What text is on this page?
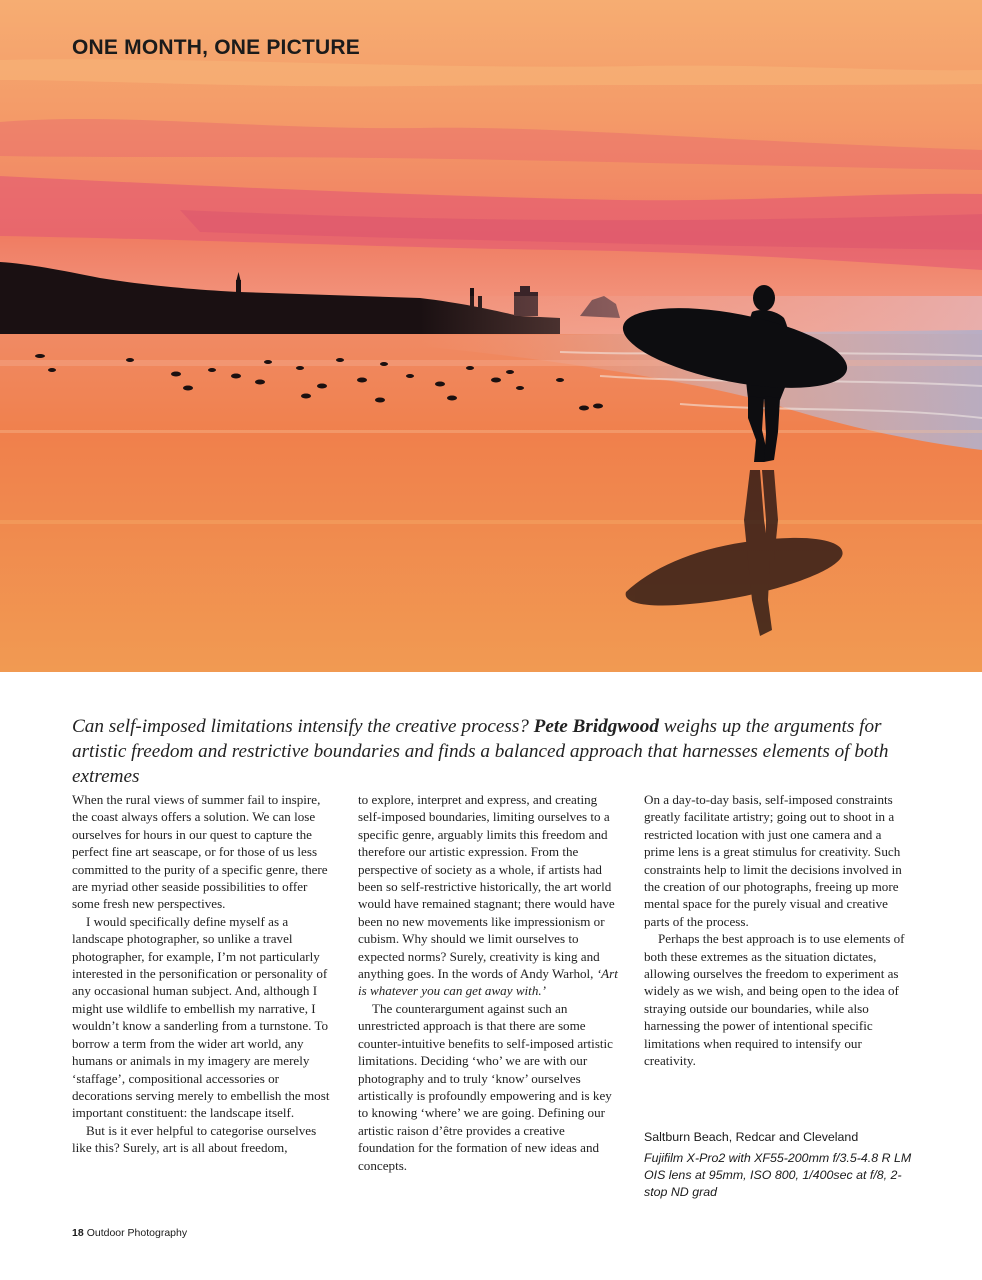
ONE MONTH, ONE PICTURE

Can self-imposed limitations intensify the creative process? Pete Bridgwood weighs up the arguments for artistic freedom and restrictive boundaries and finds a balanced approach that harnesses elements of both extremes

When the rural views of summer fail to inspire, the coast always offers a solution. We can lose ourselves for hours in our quest to capture the perfect fine art seascape, or for those of us less committed to the purity of a specific genre, there are myriad other seaside possibilities to offer some fresh new perspectives.

I would specifically define myself as a landscape photographer, so unlike a travel photographer, for example, I’m not particularly interested in the personification or personality of any occasional human subject. And, although I might use wildlife to embellish my narrative, I wouldn’t know a sanderling from a turnstone. To borrow a term from the wider art world, any humans or animals in my imagery are merely ‘staffage’, compositional accessories or decorations serving merely to embellish the most important constituent: the landscape itself.

But is it ever helpful to categorise ourselves like this? Surely, art is all about freedom,

to explore, interpret and express, and creating self-imposed boundaries, limiting ourselves to a specific genre, arguably limits this freedom and therefore our artistic expression. From the perspective of society as a whole, if artists had been so self-restrictive historically, the art world would have remained stagnant; there would have been no new movements like impressionism or cubism. Why should we limit ourselves to expected norms? Surely, creativity is king and anything goes. In the words of Andy Warhol, ‘Art is whatever you can get away with.’

The counterargument against such an unrestricted approach is that there are some counter-intuitive benefits to self-imposed artistic limitations. Deciding ‘who’ we are with our photography and to truly ‘know’ ourselves artistically is profoundly empowering and is key to knowing ‘where’ we are going. Defining our artistic raison d’être provides a creative foundation for the formation of new ideas and concepts.

On a day-to-day basis, self-imposed constraints greatly facilitate artistry; going out to shoot in a restricted location with just one camera and a prime lens is a great stimulus for creativity. Such constraints help to limit the decisions involved in the creation of our photographs, freeing up more mental space for the purely visual and creative parts of the process.

Perhaps the best approach is to use elements of both these extremes as the situation dictates, allowing ourselves the freedom to experiment as widely as we wish, and being open to the idea of straying outside our boundaries, while also harnessing the power of intentional specific limitations when required to intensify our creativity.

Saltburn Beach, Redcar and Cleveland
Fujifilm X-Pro2 with XF55-200mm f/3.5-4.8 R LM OIS lens at 95mm, ISO 800, 1/400sec at f/8, 2-stop ND grad
18 Outdoor Photography
